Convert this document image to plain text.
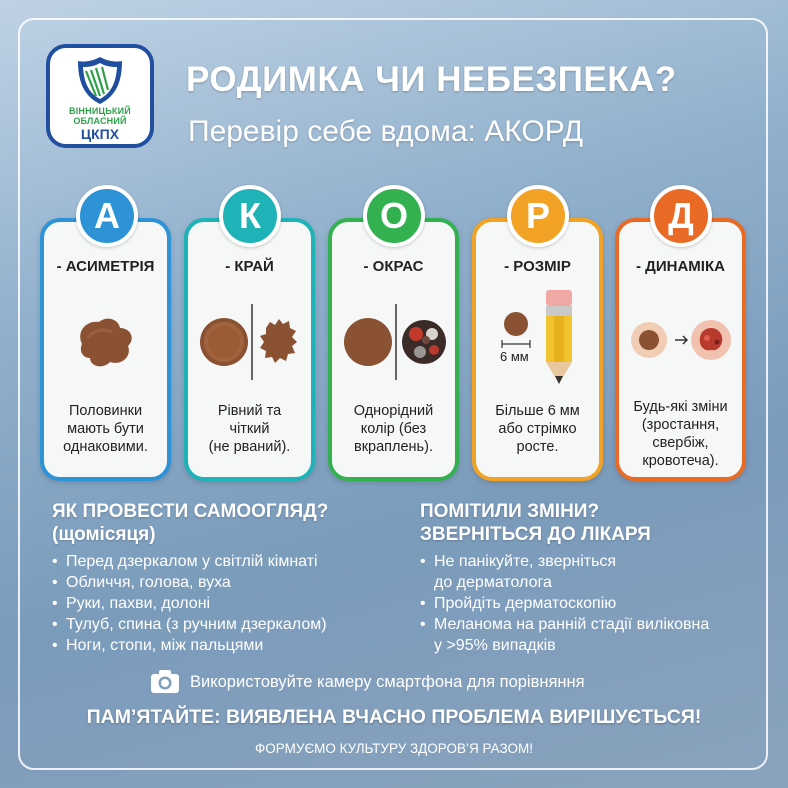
ВІННИЦЬКИЙ
ОБЛАСНИЙ
ЦКПХ
РОДИМКА ЧИ НЕБЕЗПЕКА?
Перевір себе вдома: АКОРД
- АСИМЕТРІЯ
Половинки
мають бути
однаковими.
А
- КРАЙ
Рівний та
чіткий
(не рваний).
К
- ОКРАС
Однорідний
колір (без
вкраплень).
О
- РОЗМІР
6 мм
Більше 6 мм
або стрімко
росте.
Р
- ДИНАМІКА
Будь-які зміни
(зростання,
свербіж,
кровотеча).
Д
ЯК ПРОВЕСТИ САМООГЛЯД?
(щомісяця)
• Перед дзеркалом у світлій кімнаті
• Обличчя, голова, вуха
• Руки, пахви, долоні
• Тулуб, спина (з ручним дзеркалом)
• Ноги, стопи, між пальцями
ПОМІТИЛИ ЗМІНИ?
ЗВЕРНІТЬСЯ ДО ЛІКАРЯ
• Не панікуйте, зверніться
до дерматолога
• Пройдіть дерматоскопію
• Меланома на ранній стадії виліковна
у >95% випадків
Використовуйте камеру смартфона для порівняння
ПАМ’ЯТАЙТЕ: ВИЯВЛЕНА ВЧАСНО ПРОБЛЕМА ВИРІШУЄТЬСЯ!
ФОРМУЄМО КУЛЬТУРУ ЗДОРОВ’Я РАЗОМ!
